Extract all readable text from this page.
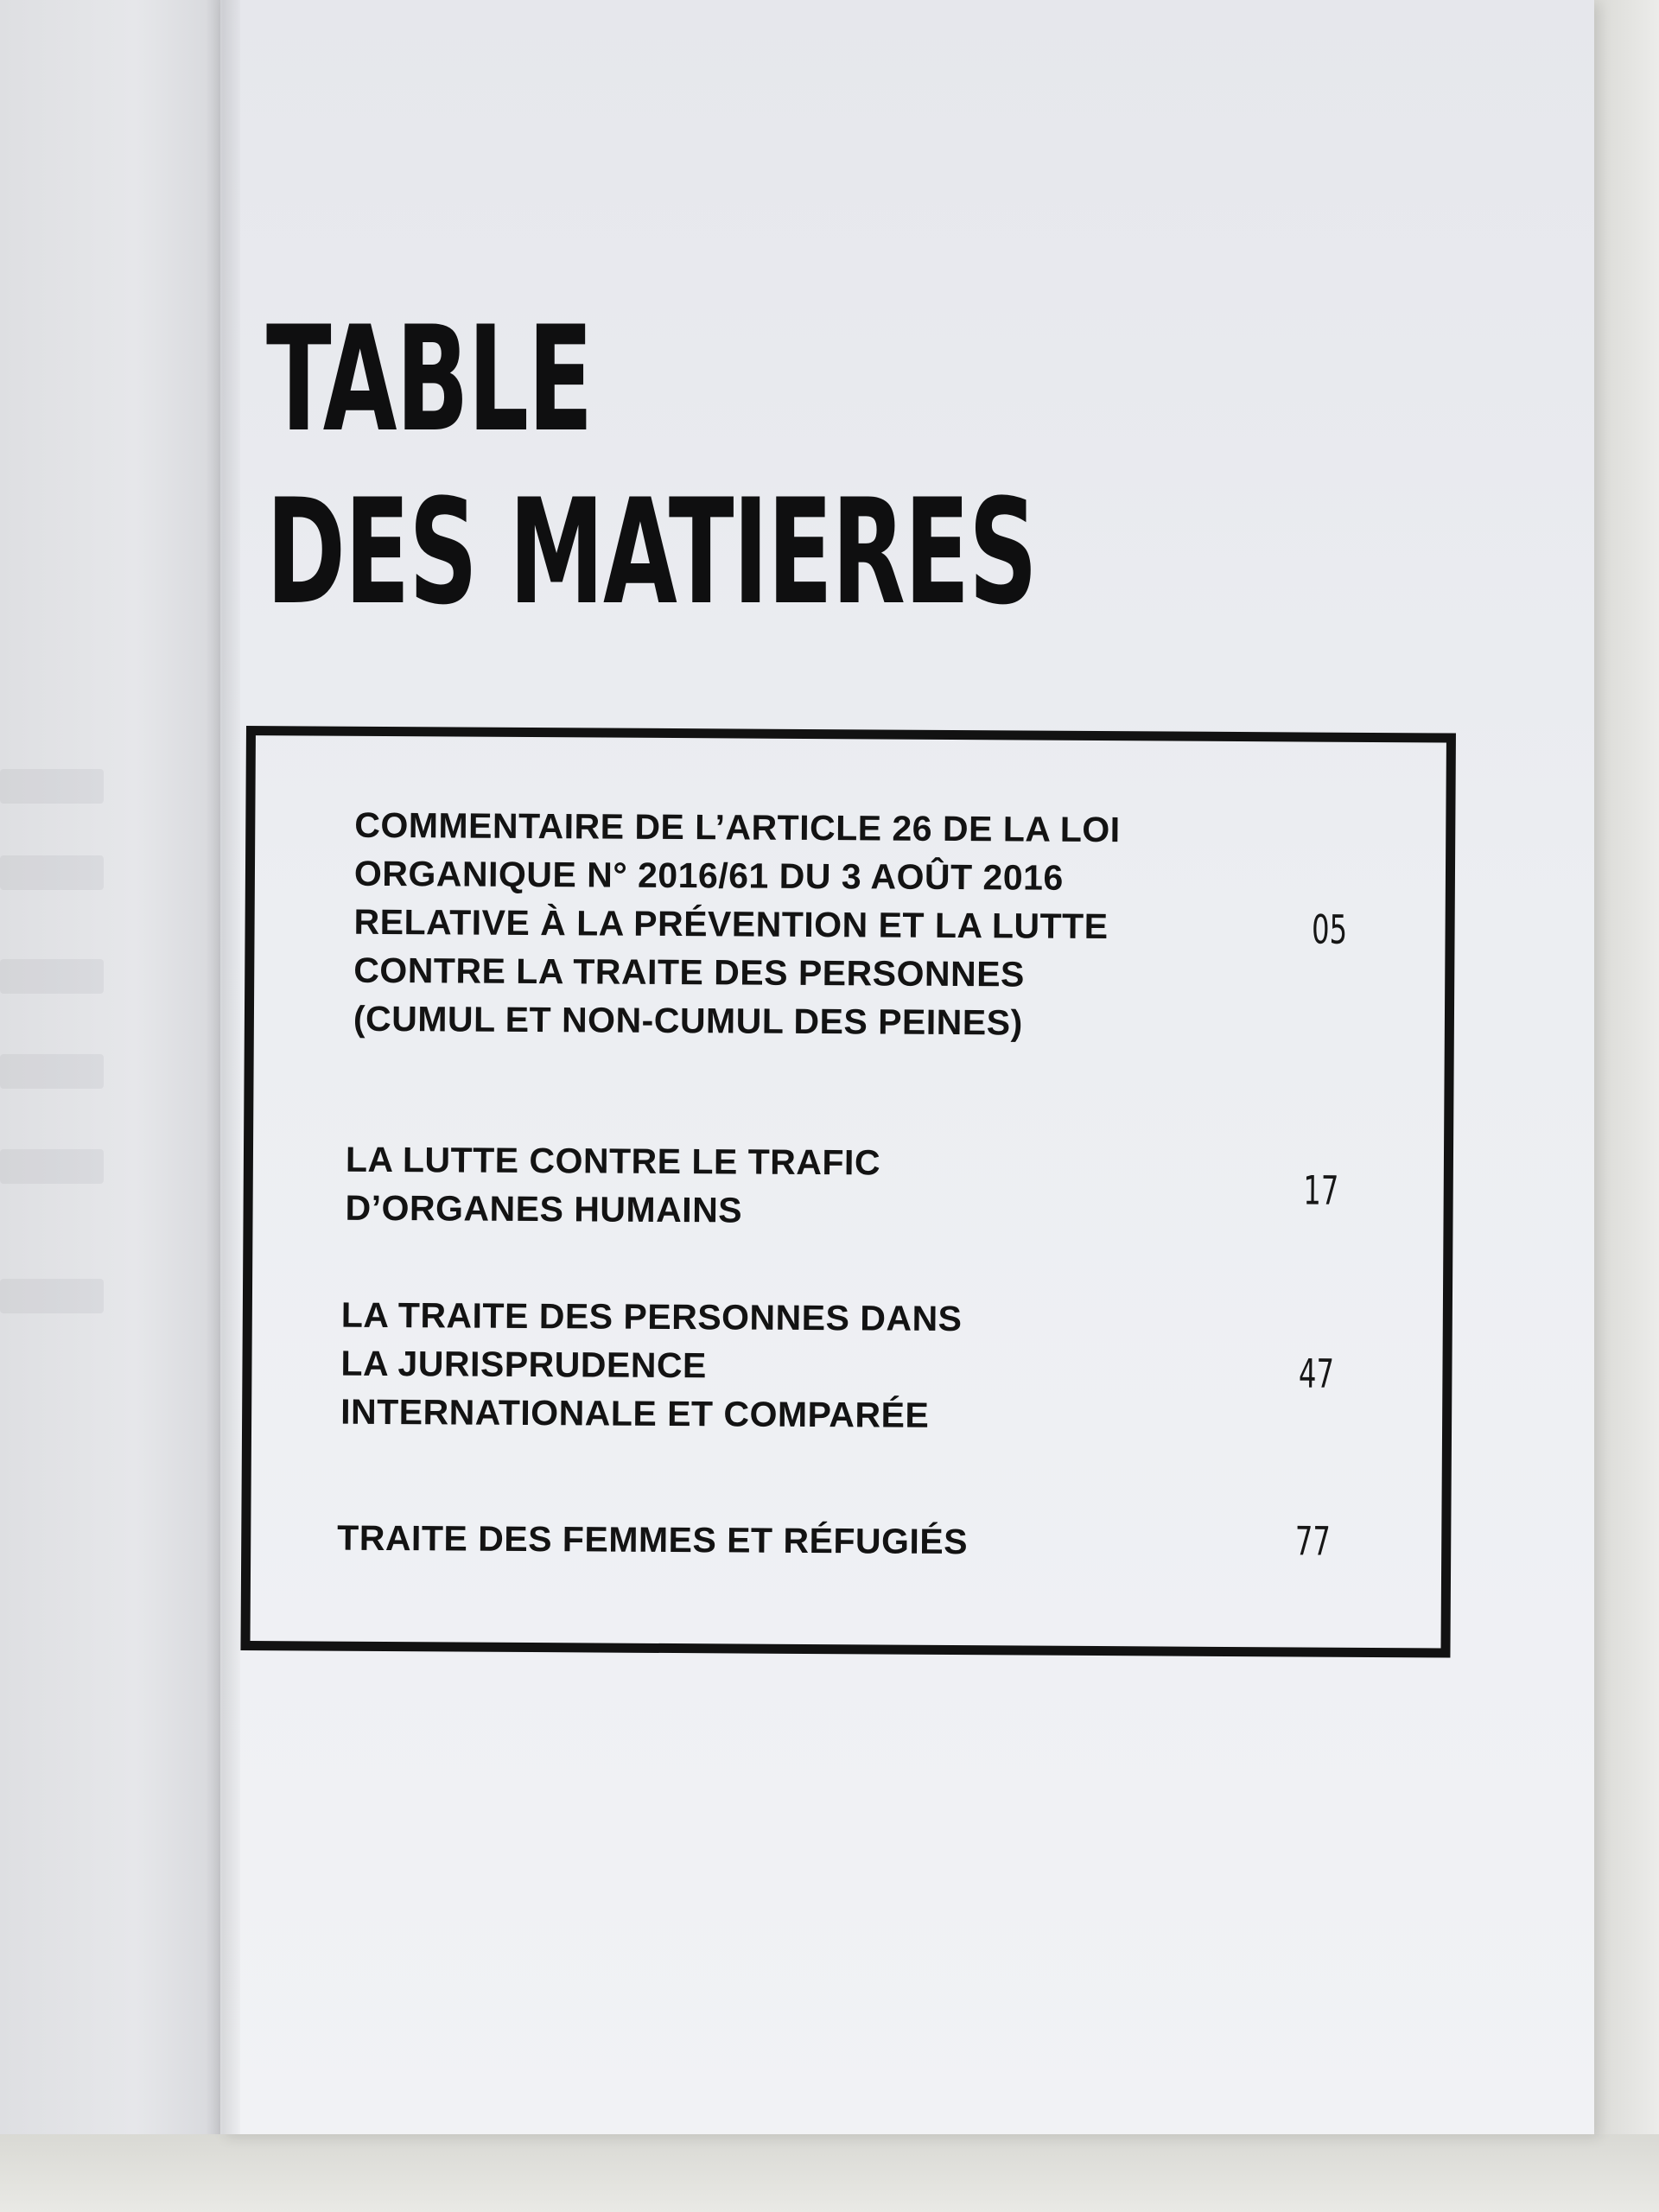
TABLE
DES MATIERES
COMMENTAIRE DE L’ARTICLE 26 DE LA LOI
ORGANIQUE N° 2016/61 DU 3 AOÛT 2016
RELATIVE À LA PRÉVENTION ET LA LUTTE
CONTRE LA TRAITE DES PERSONNES
(CUMUL ET NON-CUMUL DES PEINES)
05
LA LUTTE CONTRE LE TRAFIC
D’ORGANES HUMAINS	17
LA TRAITE DES PERSONNES DANS
LA JURISPRUDENCE
INTERNATIONALE ET COMPARÉE
47
TRAITE DES FEMMES ET RÉFUGIÉS	77
